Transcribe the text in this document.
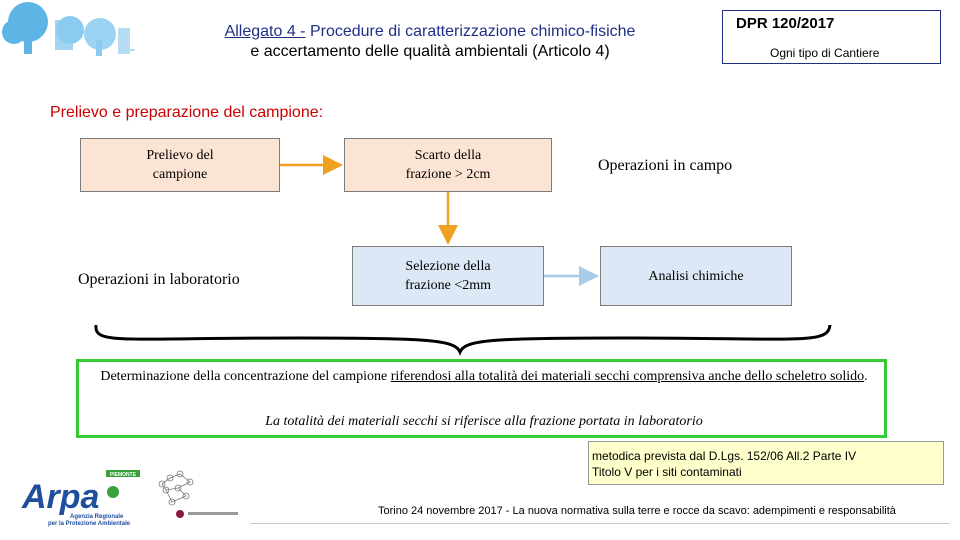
Allegato 4 - Procedure di caratterizzazione chimico-fisiche
e accertamento delle qualità ambientali (Articolo 4)
DPR 120/2017
Ogni tipo di Cantiere
Prelievo e preparazione del campione:
Prelievo del
campione
Scarto della
frazione > 2cm
Selezione della
frazione <2mm
Analisi chimiche
Operazioni in campo
Operazioni in laboratorio
Determinazione della concentrazione del campione riferendosi alla totalità dei materiali secchi comprensiva anche dello scheletro solido.
La totalità dei materiali secchi si riferisce alla frazione portata in laboratorio
metodica prevista dal D.Lgs. 152/06 All.2 Parte IV
Titolo V per i siti contaminati
PIEMONTE
Arpa
Agenzia Regionale
per la Protezione Ambientale
Torino 24 novembre 2017 - La nuova normativa sulla terre e rocce da scavo: adempimenti e responsabilità
